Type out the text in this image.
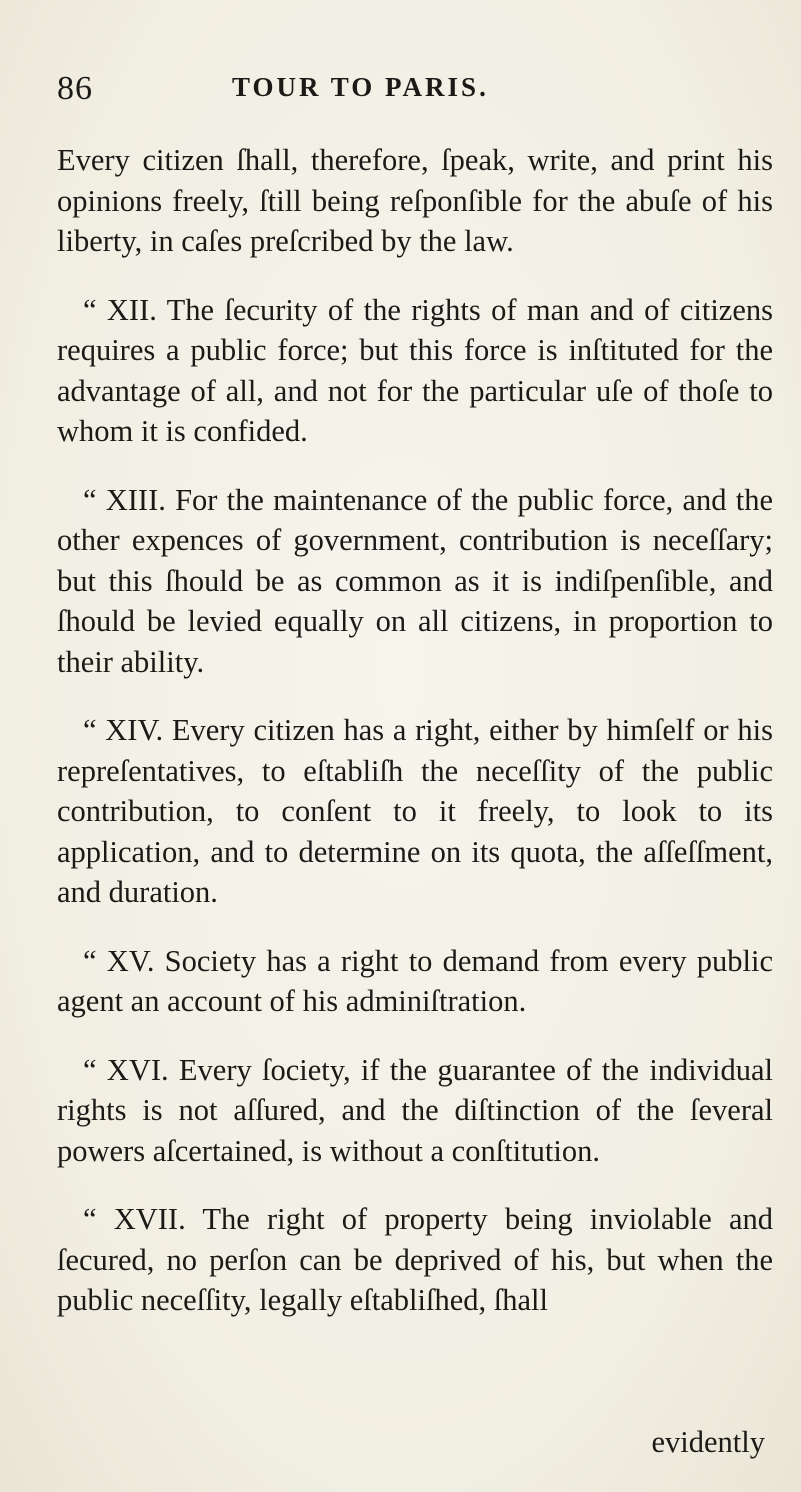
86	TOUR TO PARIS.

Every citizen ſhall, therefore, ſpeak, write, and print his opinions freely, ſtill being reſponſible for the abuſe of his liberty, in caſes preſcribed by the law.

“ XII. The ſecurity of the rights of man and of citizens requires a public force; but this force is inſtituted for the advantage of all, and not for the particular uſe of thoſe to whom it is confided.

“ XIII. For the maintenance of the public force, and the other expences of government, contribution is neceſſary; but this ſhould be as common as it is indiſpenſible, and ſhould be levied equally on all citizens, in proportion to their ability.

“ XIV. Every citizen has a right, either by himſelf or his repreſentatives, to eſtabliſh the neceſſity of the public contribution, to conſent to it freely, to look to its application, and to determine on its quota, the aſſeſſment, and duration.

“ XV. Society has a right to demand from every public agent an account of his adminiſtration.

“ XVI. Every ſociety, if the guarantee of the individual rights is not aſſured, and the diſtinction of the ſeveral powers aſcertained, is without a conſtitution.

“ XVII. The right of property being inviolable and ſecured, no perſon can be deprived of his, but when the public neceſſity, legally eſtabliſhed, ſhall

evidently
